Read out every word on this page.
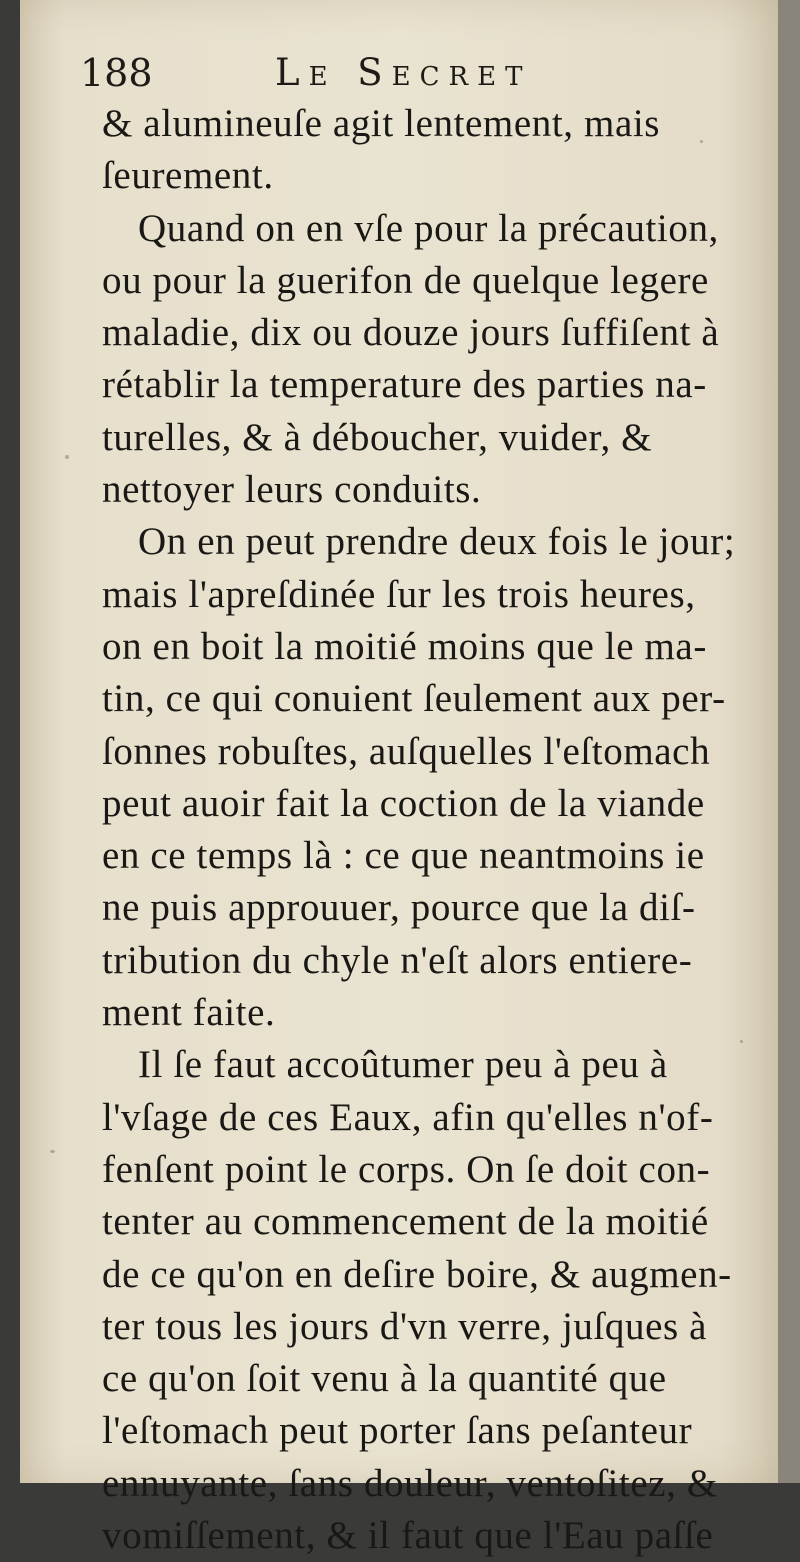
188	Le Secret
& alumineuſe agit lentement, mais
ſeurement.
Quand on en vſe pour la précaution,
ou pour la guerifon de quelque legere
maladie, dix ou douze jours ſuffiſent à
rétablir la temperature des parties na-
turelles, & à déboucher, vuider, &
nettoyer leurs conduits.
On en peut prendre deux fois le jour;
mais l'apreſdinée ſur les trois heures,
on en boit la moitié moins que le ma-
tin, ce qui conuient ſeulement aux per-
ſonnes robuſtes, auſquelles l'eſtomach
peut auoir fait la coction de la viande
en ce temps là : ce que neantmoins ie
ne puis approuuer, pource que la diſ-
tribution du chyle n'eſt alors entiere-
ment faite.
Il ſe faut accoûtumer peu à peu à
l'vſage de ces Eaux, afin qu'elles n'of-
fenſent point le corps. On ſe doit con-
tenter au commencement de la moitié
de ce qu'on en deſire boire, & augmen-
ter tous les jours d'vn verre, juſques à
ce qu'on ſoit venu à la quantité que
l'eſtomach peut porter ſans peſanteur
ennuyante, ſans douleur, ventoſitez, &
vomiſſement, & il faut que l'Eau paſſe
